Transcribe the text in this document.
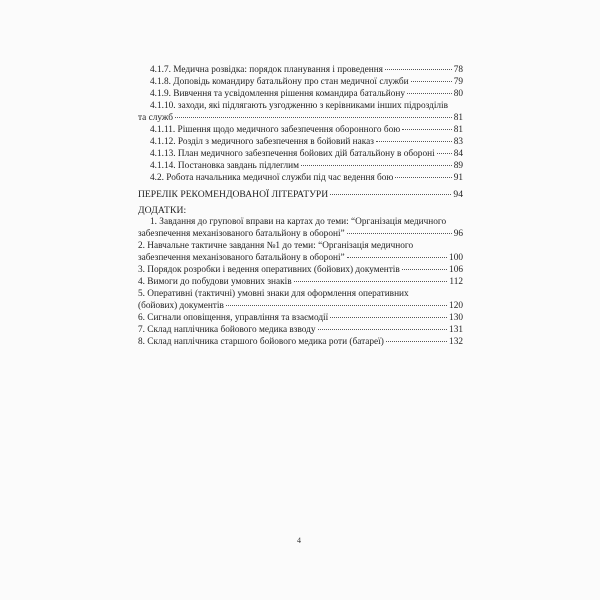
4.1.7. Медична розвідка: порядок планування і проведення	78
4.1.8. Доповідь командиру батальйону про стан медичної служби	79
4.1.9. Вивчення та усвідомлення рішення командира батальйону	80
4.1.10. заходи, які підлягають узгодженню з керівниками інших підрозділів
та служб	81
4.1.11. Рішення щодо медичного забезпечення оборонного бою	81
4.1.12. Розділ з медичного забезпечення в бойовий наказ	83
4.1.13. План медичного забезпечення бойових дій батальйону в обороні 84
4.1.14. Постановка завдань підлеглим	89
4.2. Робота начальника медичної служби під час ведення бою	91
ПЕРЕЛІК РЕКОМЕНДОВАНОЇ ЛІТЕРАТУРИ	94
ДОДАТКИ:
1. Завдання до групової вправи на картах до теми: “Організація медичного
забезпечення механізованого батальйону в обороні”	96
2. Навчальне тактичне завдання №1 до теми: “Організація медичного
забезпечення механізованого батальйону в обороні”	100
3. Порядок розробки і ведення оперативних (бойових) документів	106
4. Вимоги до побудови умовних знаків	112
5. Оперативні (тактичні) умовні знаки для оформлення оперативних
(бойових) документів	120
6. Сигнали оповіщення, управління та взаємодії	130
7. Склад наплічника бойового медика взводу	131
8. Склад наплічника старшого бойового медика роти (батареї)	132
4
